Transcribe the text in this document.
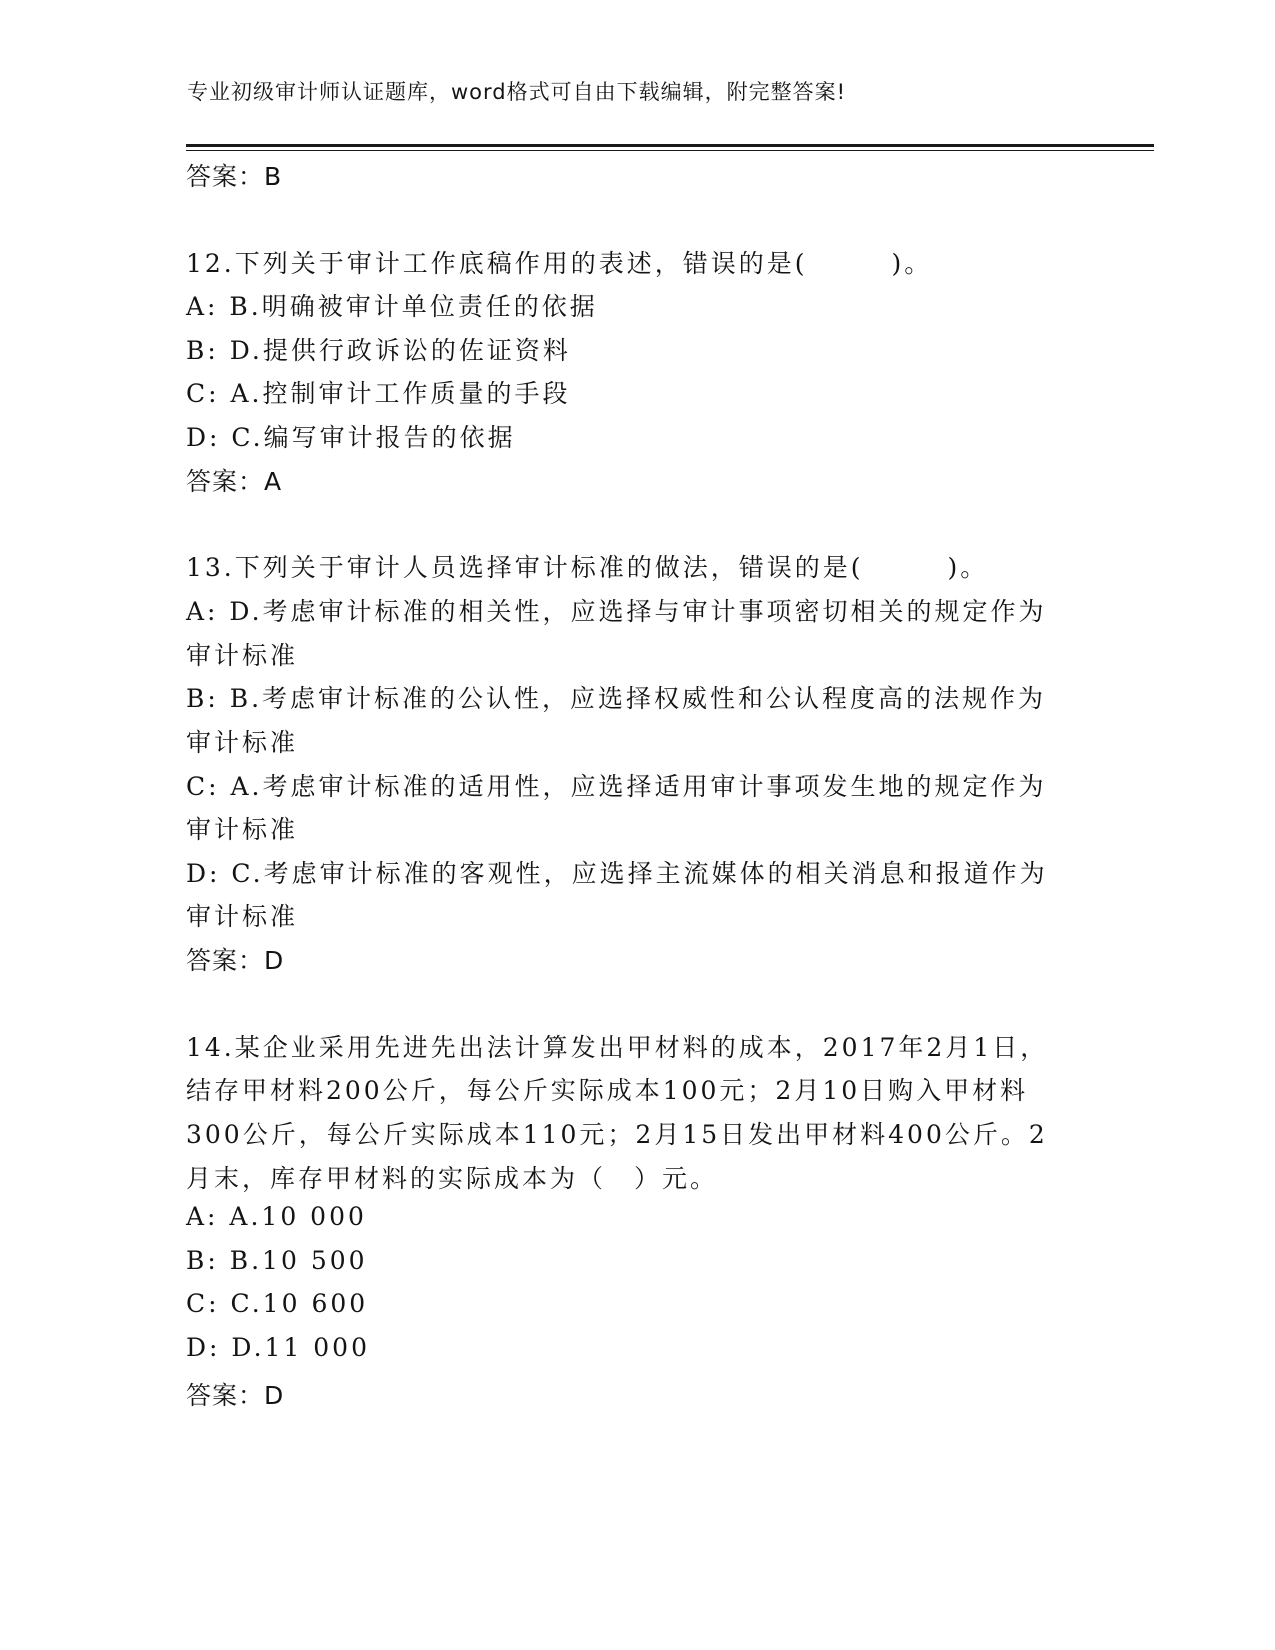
专业初级审计师认证题库，word格式可自由下载编辑，附完整答案!
答案：B
12.下列关于审计工作底稿作用的表述，错误的是(　　　)。
A: B.明确被审计单位责任的依据
B: D.提供行政诉讼的佐证资料
C: A.控制审计工作质量的手段
D: C.编写审计报告的依据
答案：A
13.下列关于审计人员选择审计标准的做法，错误的是(　　　)。
A: D.考虑审计标准的相关性，应选择与审计事项密切相关的规定作为
审计标准
B: B.考虑审计标准的公认性，应选择权威性和公认程度高的法规作为
审计标准
C: A.考虑审计标准的适用性，应选择适用审计事项发生地的规定作为
审计标准
D: C.考虑审计标准的客观性，应选择主流媒体的相关消息和报道作为
审计标准
答案：D
14.某企业采用先进先出法计算发出甲材料的成本，2017年2月1日，
结存甲材料200公斤，每公斤实际成本100元；2月10日购入甲材料
300公斤，每公斤实际成本110元；2月15日发出甲材料400公斤。2
月末，库存甲材料的实际成本为（　）元。
A: A.10 000
B: B.10 500
C: C.10 600
D: D.11 000
答案：D
